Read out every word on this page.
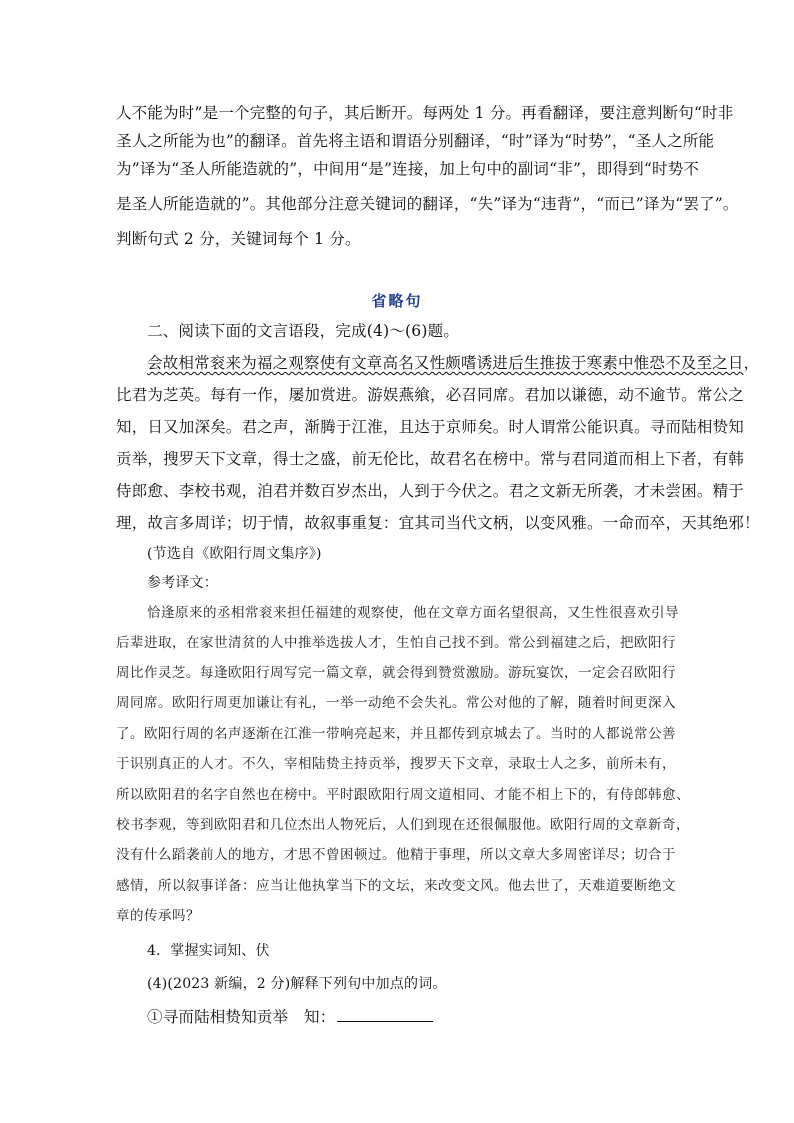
人不能为时”是一个完整的句子，其后断开。每两处 1 分。再看翻译，要注意判断句“时非
圣人之所能为也”的翻译。首先将主语和谓语分别翻译，“时”译为“时势”，“圣人之所能
为”译为“圣人所能造就的”，中间用“是”连接，加上句中的副词“非”，即得到“时势不
是圣人所能造就的”。其他部分注意关键词的翻译，“失”译为“违背”，“而已”译为“罢了”。
判断句式 2 分，关键词每个 1 分。
省略句
二、阅读下面的文言语段，完成(4)～(6)题。
会故相常衮来为福之观察使有文章高名又性颇嗜诱进后生推拔于寒素中惟恐不及至之日，
比君为芝英。每有一作，屡加赏进。游娱燕飨，必召同席。君加以谦德，动不逾节。常公之
知，日又加深矣。君之声，渐腾于江淮，且达于京师矣。时人谓常公能识真。寻而陆相贽知
贡举，搜罗天下文章，得士之盛，前无伦比，故君名在榜中。常与君同道而相上下者，有韩
侍郎愈、李校书观，洎君并数百岁杰出，人到于今伏之。君之文新无所袭，才未尝困。精于
理，故言多周详；切于情，故叙事重复：宜其司当代文柄，以变风雅。一命而卒，天其绝邪！
(节选自《欧阳行周文集序》)
参考译文：
恰逢原来的丞相常衮来担任福建的观察使，他在文章方面名望很高，又生性很喜欢引导
后辈进取，在家世清贫的人中推举选拔人才，生怕自己找不到。常公到福建之后，把欧阳行
周比作灵芝。每逢欧阳行周写完一篇文章，就会得到赞赏激励。游玩宴饮，一定会召欧阳行
周同席。欧阳行周更加谦让有礼，一举一动绝不会失礼。常公对他的了解，随着时间更深入
了。欧阳行周的名声逐渐在江淮一带响亮起来，并且都传到京城去了。当时的人都说常公善
于识别真正的人才。不久，宰相陆贽主持贡举，搜罗天下文章，录取士人之多，前所未有，
所以欧阳君的名字自然也在榜中。平时跟欧阳行周文道相同、才能不相上下的，有侍郎韩愈、
校书李观，等到欧阳君和几位杰出人物死后，人们到现在还很佩服他。欧阳行周的文章新奇，
没有什么蹈袭前人的地方，才思不曾困顿过。他精于事理，所以文章大多周密详尽；切合于
感情，所以叙事详备：应当让他执掌当下的文坛，来改变文风。他去世了，天难道要断绝文
章的传承吗？
4．掌握实词知、伏
(4)(2023 新编，2 分)解释下列句中加点的词。
①寻而陆相贽知贡举　知：
